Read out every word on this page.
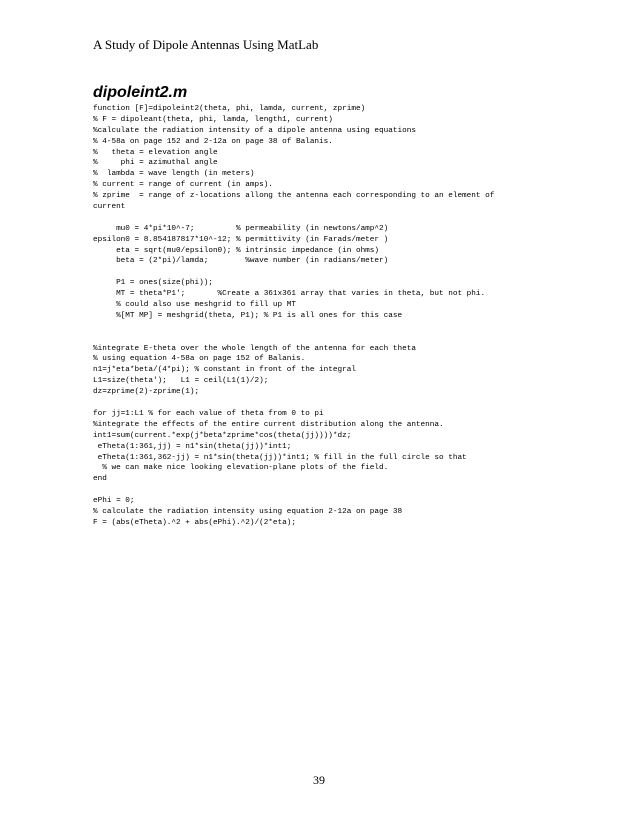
A Study of Dipole Antennas Using MatLab
dipoleint2.m
function [F]=dipoleint2(theta, phi, lamda, current, zprime)
% F = dipoleant(theta, phi, lamda, length1, current)
%calculate the radiation intensity of a dipole antenna using equations
% 4-58a on page 152 and 2-12a on page 38 of Balanis.
%   theta = elevation angle
%     phi = azimuthal angle
%  lambda = wave length (in meters)
% current = range of current (in amps).
% zprime  = range of z-locations allong the antenna each corresponding to an element of
current
mu0 = 4*pi*10^-7;         % permeability (in newtons/amp^2)
epsilon0 = 8.854187817*10^-12; % permittivity (in Farads/meter )
eta = sqrt(mu0/epsilon0); % intrinsic impedance (in ohms)
beta = (2*pi)/lamda;        %wave number (in radians/meter)
P1 = ones(size(phi));
MT = theta*P1';       %Create a 361x361 array that varies in theta, but not phi.
% could also use meshgrid to fill up MT
%[MT MP] = meshgrid(theta, P1); % P1 is all ones for this case
%integrate E-theta over the whole length of the antenna for each theta
% using equation 4-58a on page 152 of Balanis.
n1=j*eta*beta/(4*pi); % constant in front of the integral
L1=size(theta');   L1 = ceil(L1(1)/2);
dz=zprime(2)-zprime(1);
for jj=1:L1 % for each value of theta from 0 to pi
%integrate the effects of the entire current distribution along the antenna.
int1=sum(current.*exp(j*beta*zprime*cos(theta(jj))))*dz;
eTheta(1:361,jj) = n1*sin(theta(jj))*int1;
eTheta(1:361,362-jj) = n1*sin(theta(jj))*int1; % fill in the full circle so that
% we can make nice looking elevation-plane plots of the field.
end
ePhi = 0;
% calculate the radiation intensity using equation 2-12a on page 38
F = (abs(eTheta).^2 + abs(ePhi).^2)/(2*eta);
39
